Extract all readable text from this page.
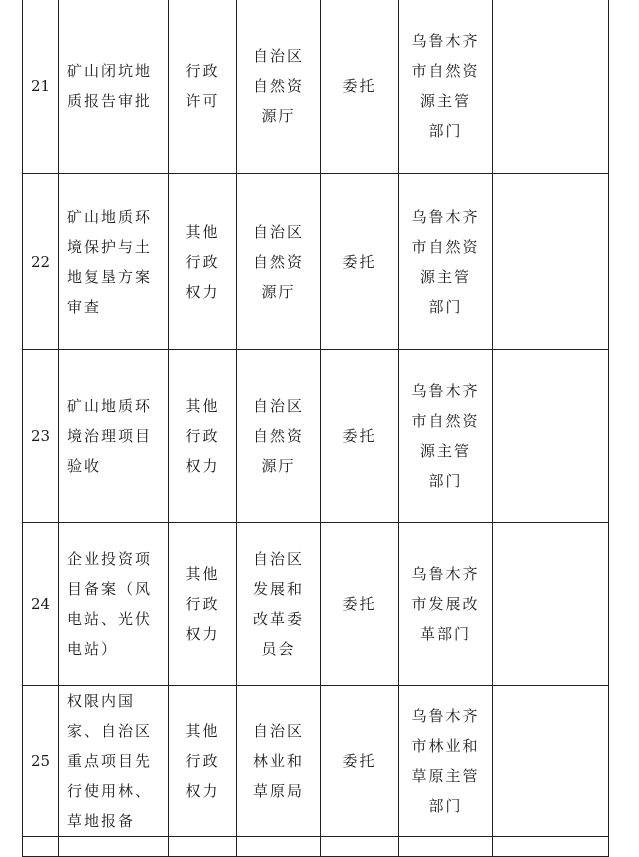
21	矿山闭坑地
质报告审批	行政
许可	自治区
自然资
源厅	委托	乌鲁木齐
市自然资
源主管
部门	

22	矿山地质环
境保护与土
地复垦方案
审查	其他
行政
权力	自治区
自然资
源厅	委托	乌鲁木齐
市自然资
源主管
部门	

23	矿山地质环
境治理项目
验收	其他
行政
权力	自治区
自然资
源厅	委托	乌鲁木齐
市自然资
源主管
部门	

24	企业投资项
目备案（风
电站、光伏
电站）	其他
行政
权力	自治区
发展和
改革委
员会	委托	乌鲁木齐
市发展改
革部门	

25	权限内国
家、自治区
重点项目先
行使用林、
草地报备	其他
行政
权力	自治区
林业和
草原局	委托	乌鲁木齐
市林业和
草原主管
部门	
